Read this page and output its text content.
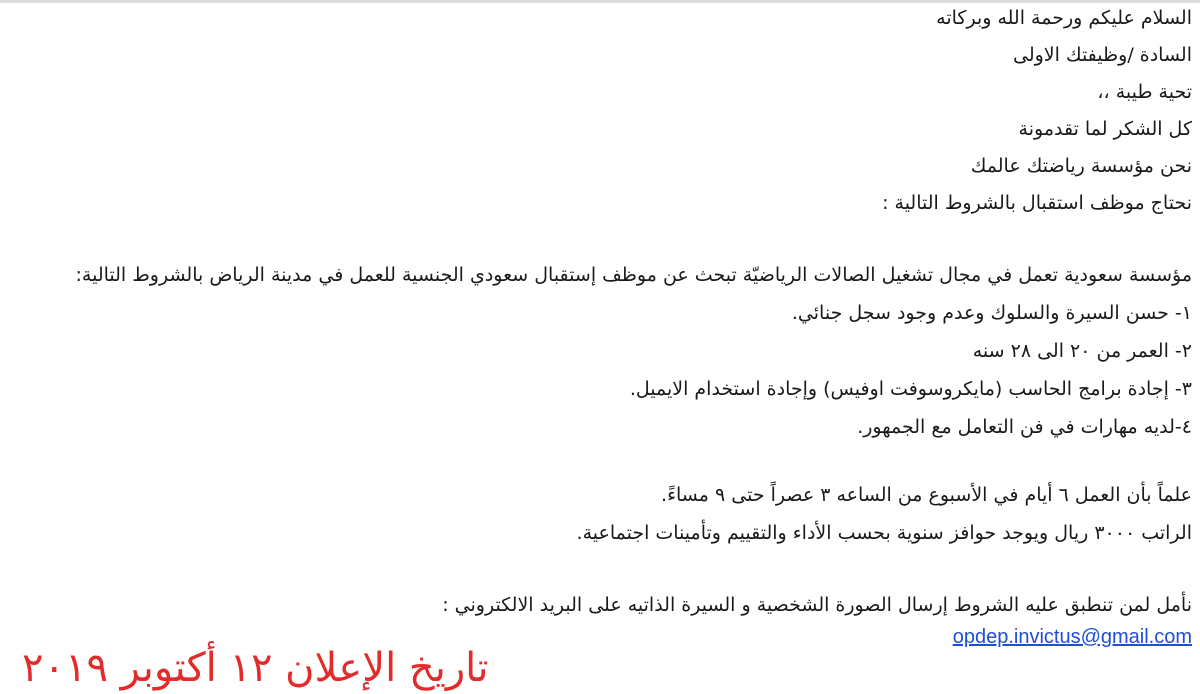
السلام عليكم ورحمة الله وبركاته

السادة /وظيفتك الاولى

تحية طيبة ،،

كل الشكر لما تقدمونة

نحن مؤسسة رياضتك عالمك

نحتاج موظف استقبال بالشروط التالية :

مؤسسة سعودية تعمل في مجال تشغيل الصالات الرياضيّة تبحث عن موظف إستقبال سعودي الجنسية للعمل في مدينة الرياض بالشروط التالية:

١- حسن السيرة والسلوك وعدم وجود سجل جنائي.

٢- العمر من ٢٠ الى ٢٨ سنه

٣- إجادة برامج الحاسب (مايكروسوفت اوفيس) وإجادة استخدام الايميل.

٤-لديه مهارات في فن التعامل مع الجمهور.

علماً بأن العمل ٦ أيام في الأسبوع من الساعه ٣ عصراً حتى ٩ مساءً.

الراتب ٣٠٠٠ ريال ويوجد حوافز سنوية بحسب الأداء والتقييم وتأمينات اجتماعية.

نأمل لمن تنطبق عليه الشروط إرسال الصورة الشخصية و السيرة الذاتيه على البريد الالكتروني :

opdep.invictus@gmail.com
تاريخ الإعلان ١٢ أكتوبر ٢٠١٩
